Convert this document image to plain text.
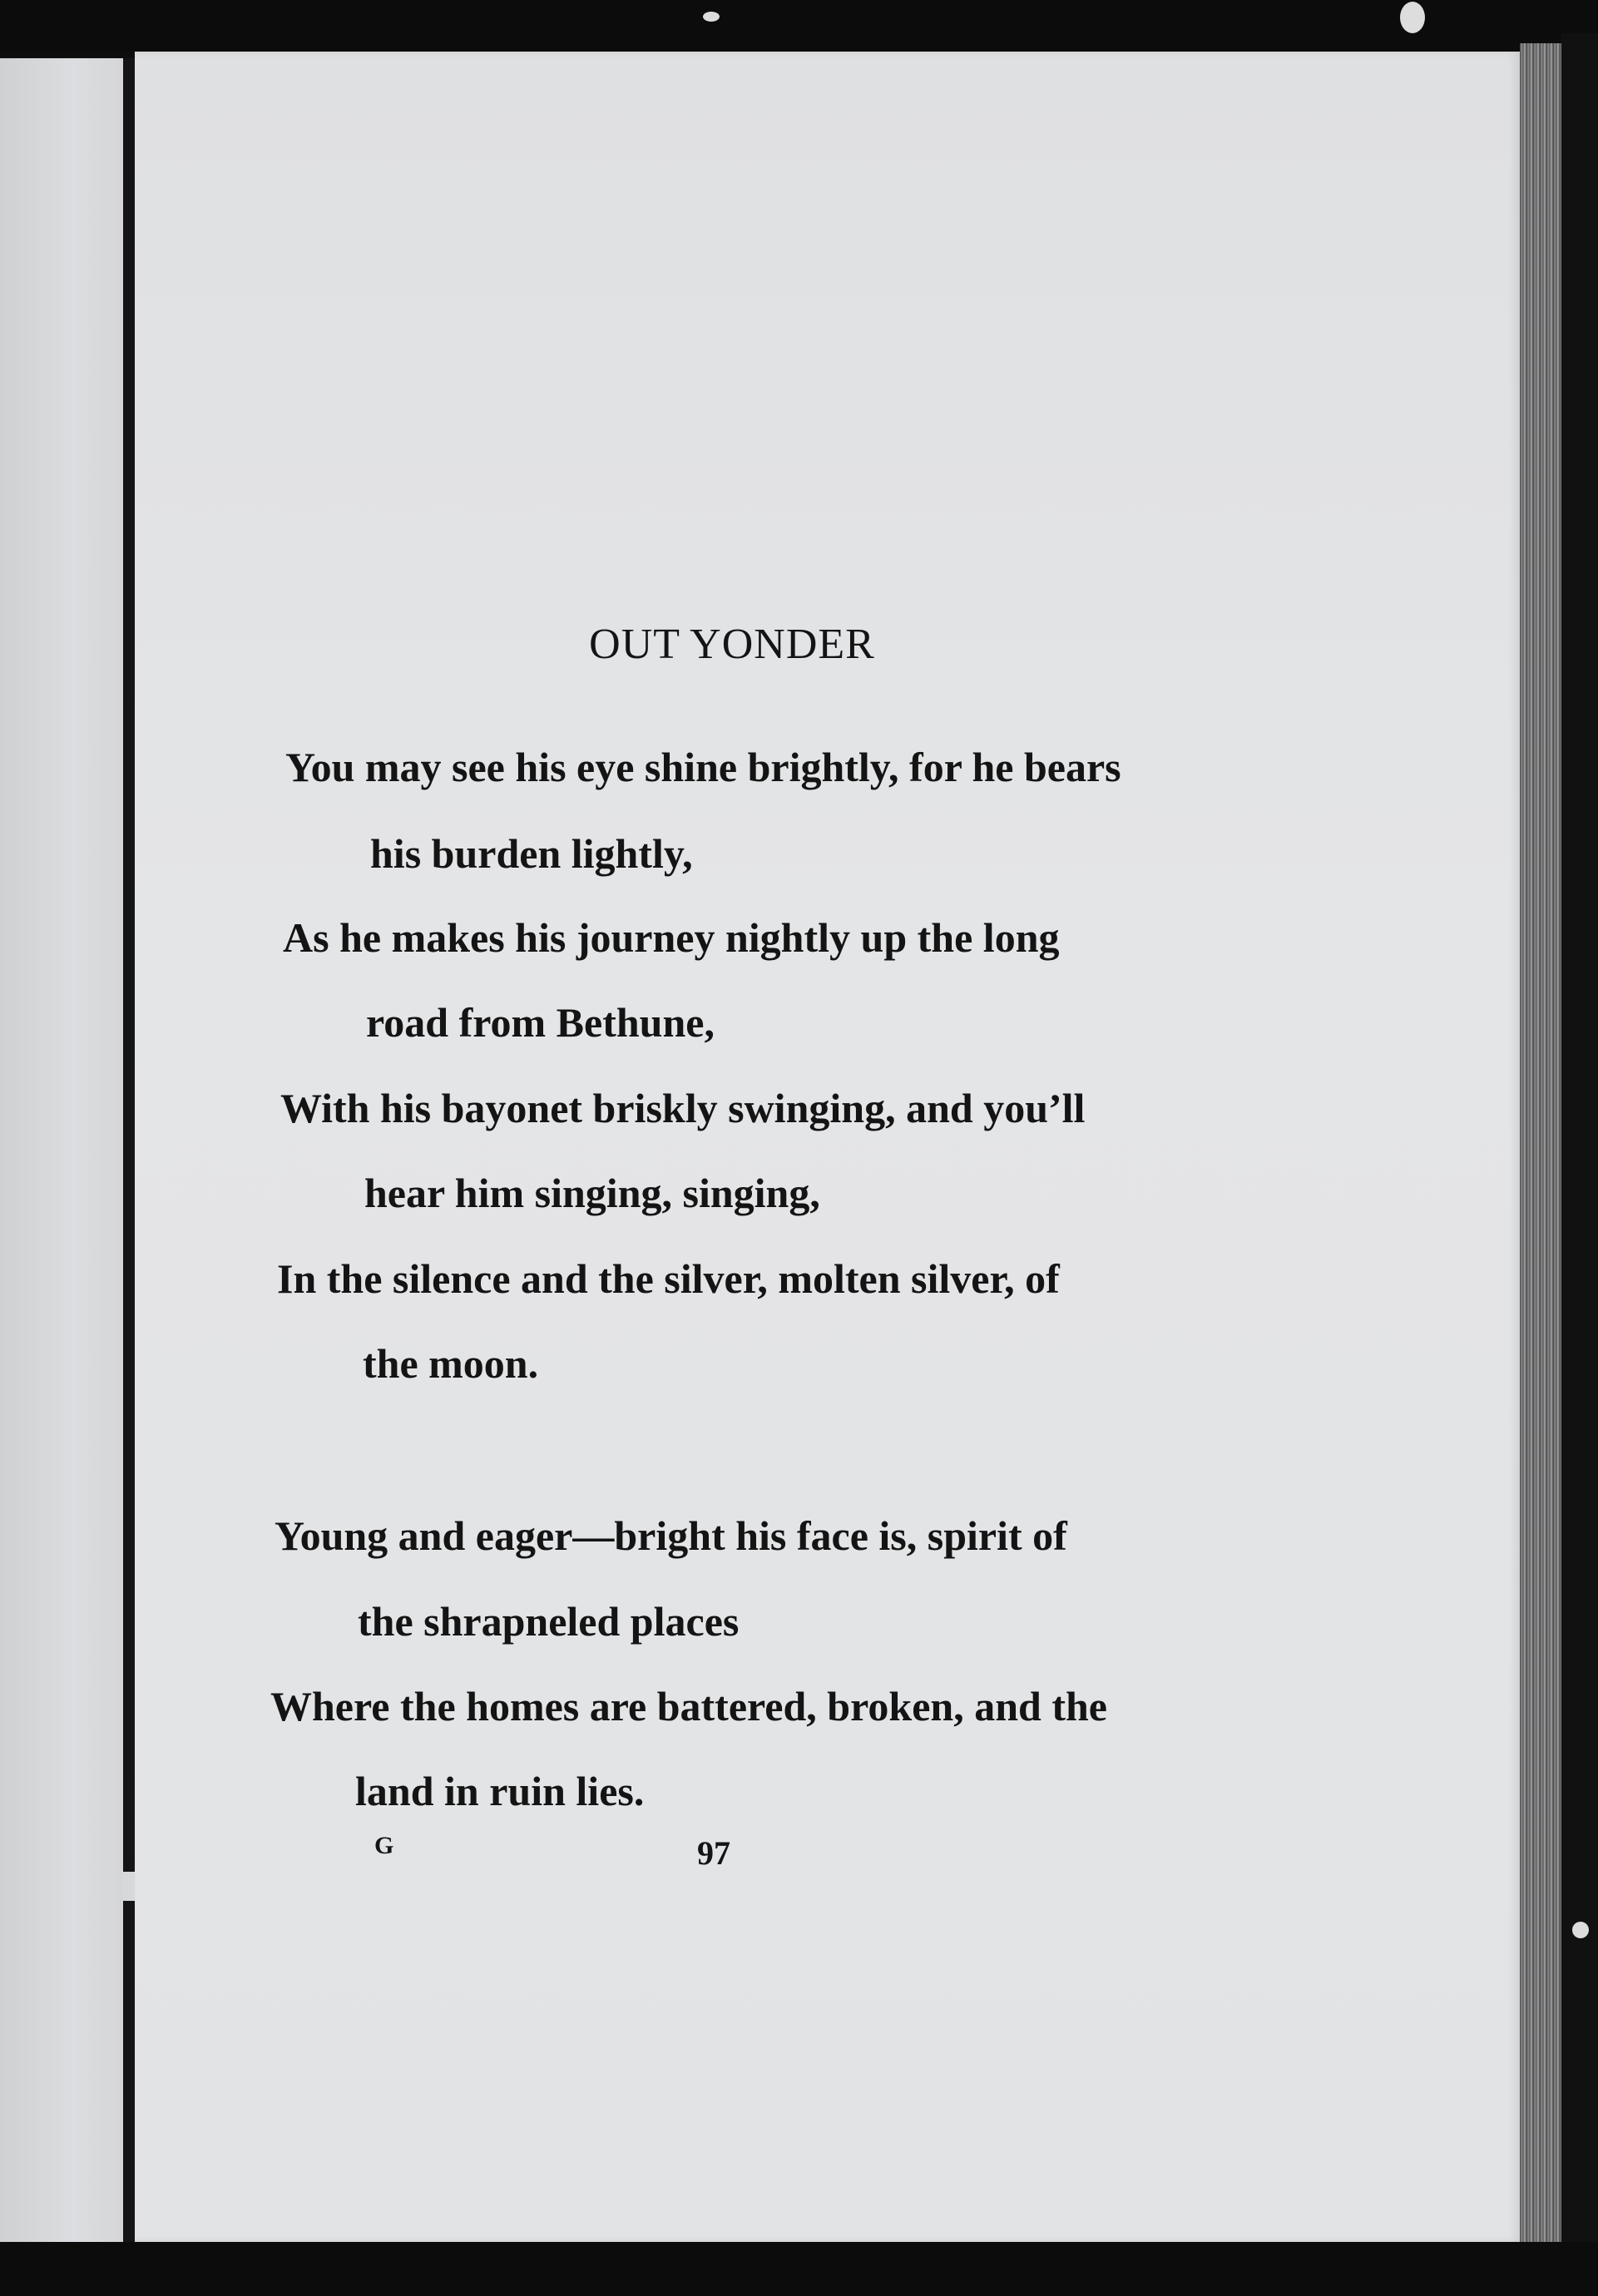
OUT YONDER
You may see his eye shine brightly, for he bears
his burden lightly,
As he makes his journey nightly up the long
road from Bethune,
With his bayonet briskly swinging, and you’ll
hear him singing, singing,
In the silence and the silver, molten silver, of
the moon.
Young and eager—bright his face is, spirit of
the shrapneled places
Where the homes are battered, broken, and the
land in ruin lies.
G	97
